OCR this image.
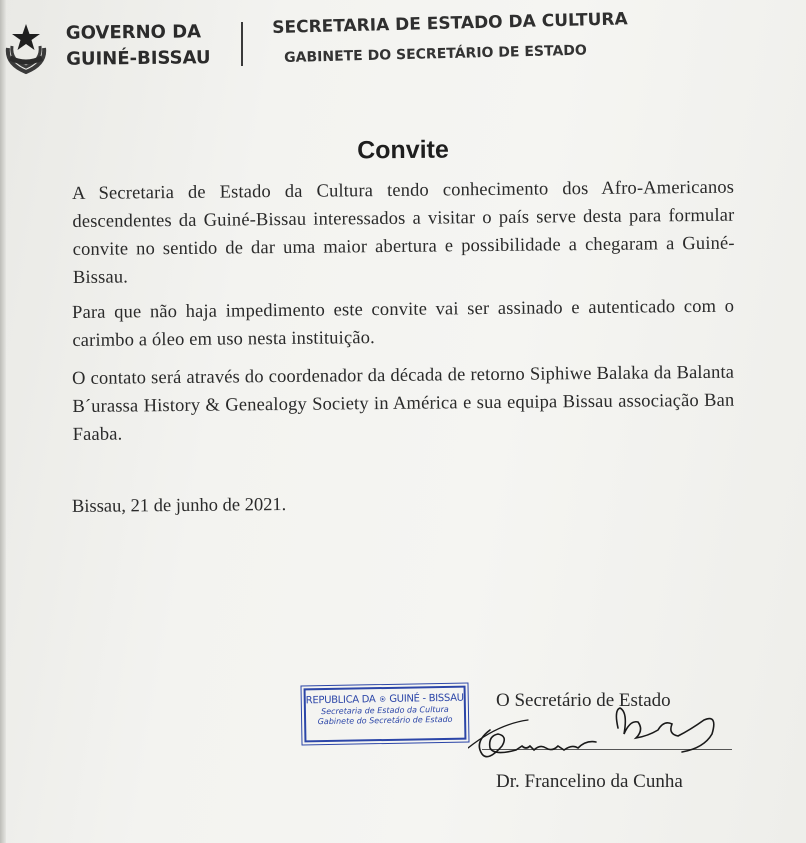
GOVERNO DA
GUINÉ-BISSAU
SECRETARIA DE ESTADO DA CULTURA
GABINETE DO SECRETÁRIO DE ESTADO
Convite
A Secretaria de Estado da Cultura tendo conhecimento dos Afro-Americanos descendentes da Guiné-Bissau interessados a visitar o país serve desta para formular convite no sentido de dar uma maior abertura e possibilidade a chegaram a Guiné-Bissau.
Para que não haja impedimento este convite vai ser assinado e autenticado com o carimbo a óleo em uso nesta instituição.
O contato será através do coordenador da década de retorno Siphiwe Balaka da Balanta B´urassa History & Genealogy Society in América e sua equipa Bissau associação Ban Faaba.
Bissau, 21 de junho de 2021.
REPUBLICA DA GUINÉ - BISSAU
Secretaria de Estado da Cultura
Gabinete do Secretário de Estado
O Secretário de Estado
Dr. Francelino da Cunha
